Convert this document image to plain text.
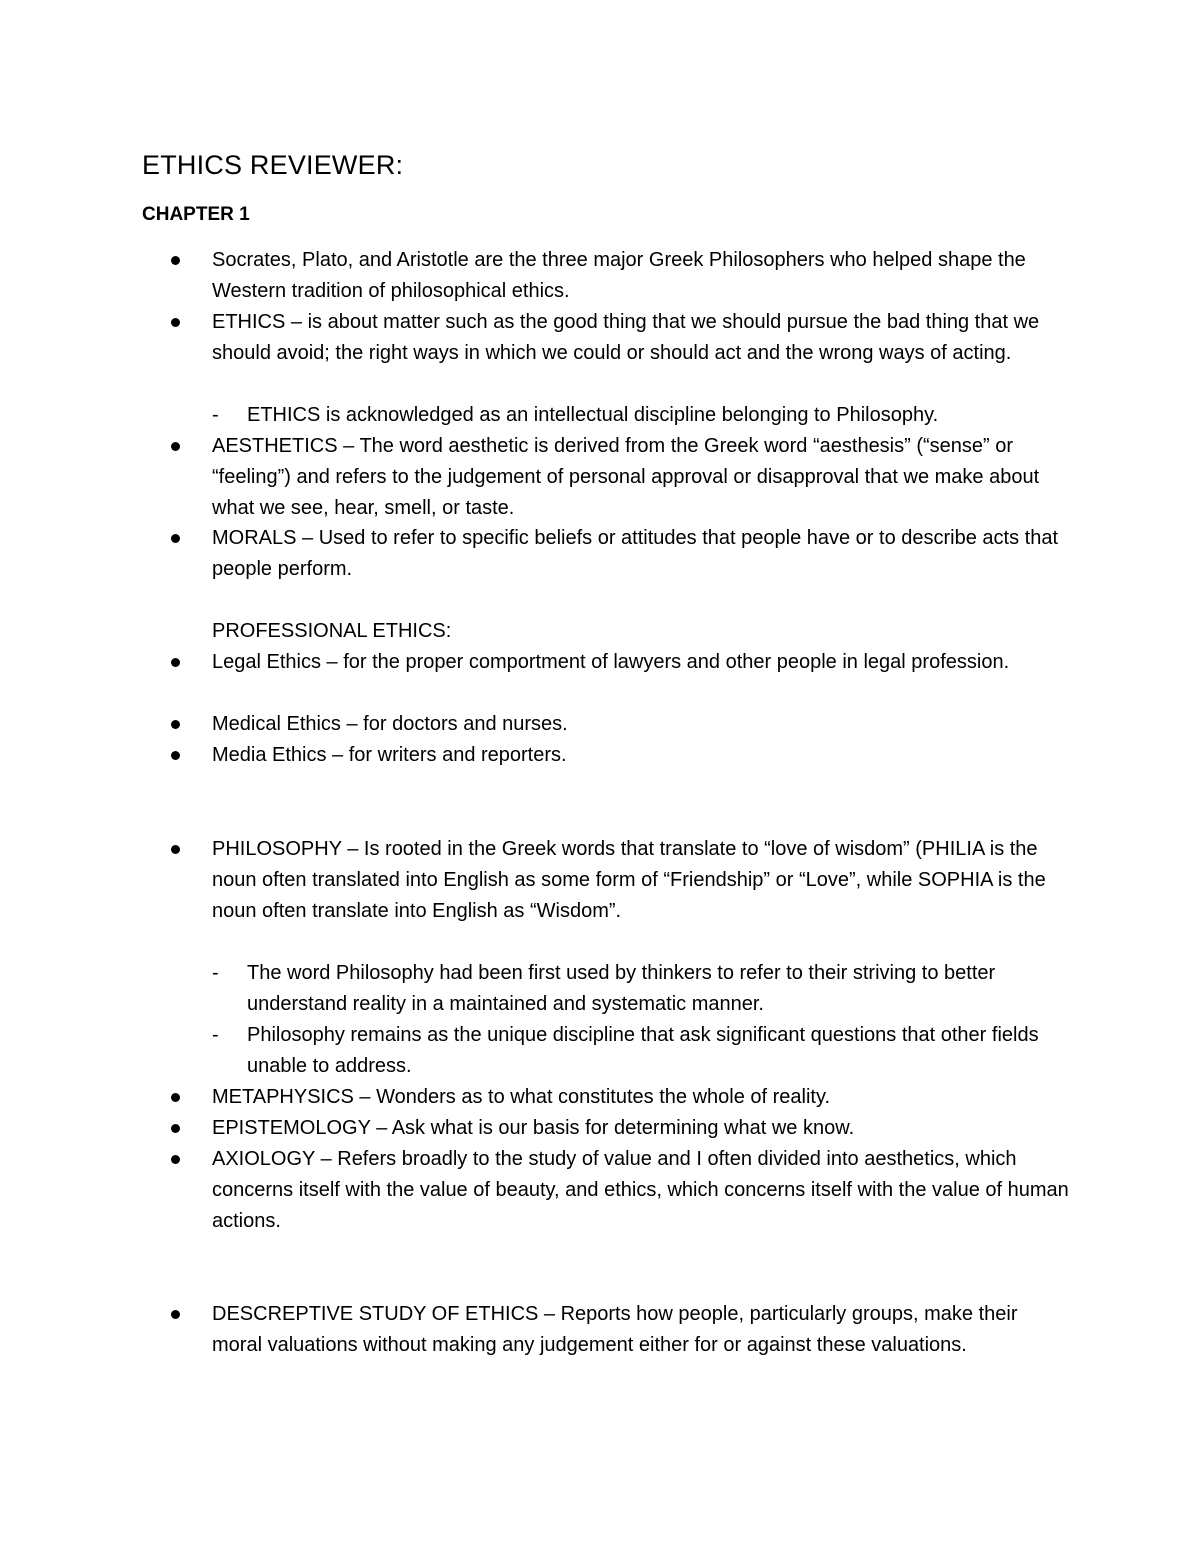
ETHICS REVIEWER:
CHAPTER 1
Socrates, Plato, and Aristotle are the three major Greek Philosophers who helped shape the Western tradition of philosophical ethics.
ETHICS – is about matter such as the good thing that we should pursue the bad thing that we should avoid; the right ways in which we could or should act and the wrong ways of acting.
- ETHICS is acknowledged as an intellectual discipline belonging to Philosophy.
AESTHETICS – The word aesthetic is derived from the Greek word “aesthesis” (“sense” or “feeling”) and refers to the judgement of personal approval or disapproval that we make about what we see, hear, smell, or taste.
MORALS – Used to refer to specific beliefs or attitudes that people have or to describe acts that people perform.
PROFESSIONAL ETHICS:
Legal Ethics – for the proper comportment of lawyers and other people in legal profession.
Medical Ethics – for doctors and nurses.
Media Ethics – for writers and reporters.
PHILOSOPHY – Is rooted in the Greek words that translate to “love of wisdom” (PHILIA is the noun often translated into English as some form of “Friendship” or “Love”, while SOPHIA is the noun often translate into English as “Wisdom”.
- The word Philosophy had been first used by thinkers to refer to their striving to better understand reality in a maintained and systematic manner.
- Philosophy remains as the unique discipline that ask significant questions that other fields unable to address.
METAPHYSICS – Wonders as to what constitutes the whole of reality.
EPISTEMOLOGY – Ask what is our basis for determining what we know.
AXIOLOGY – Refers broadly to the study of value and I often divided into aesthetics, which concerns itself with the value of beauty, and ethics, which concerns itself with the value of human actions.
DESCREPTIVE STUDY OF ETHICS – Reports how people, particularly groups, make their moral valuations without making any judgement either for or against these valuations.
